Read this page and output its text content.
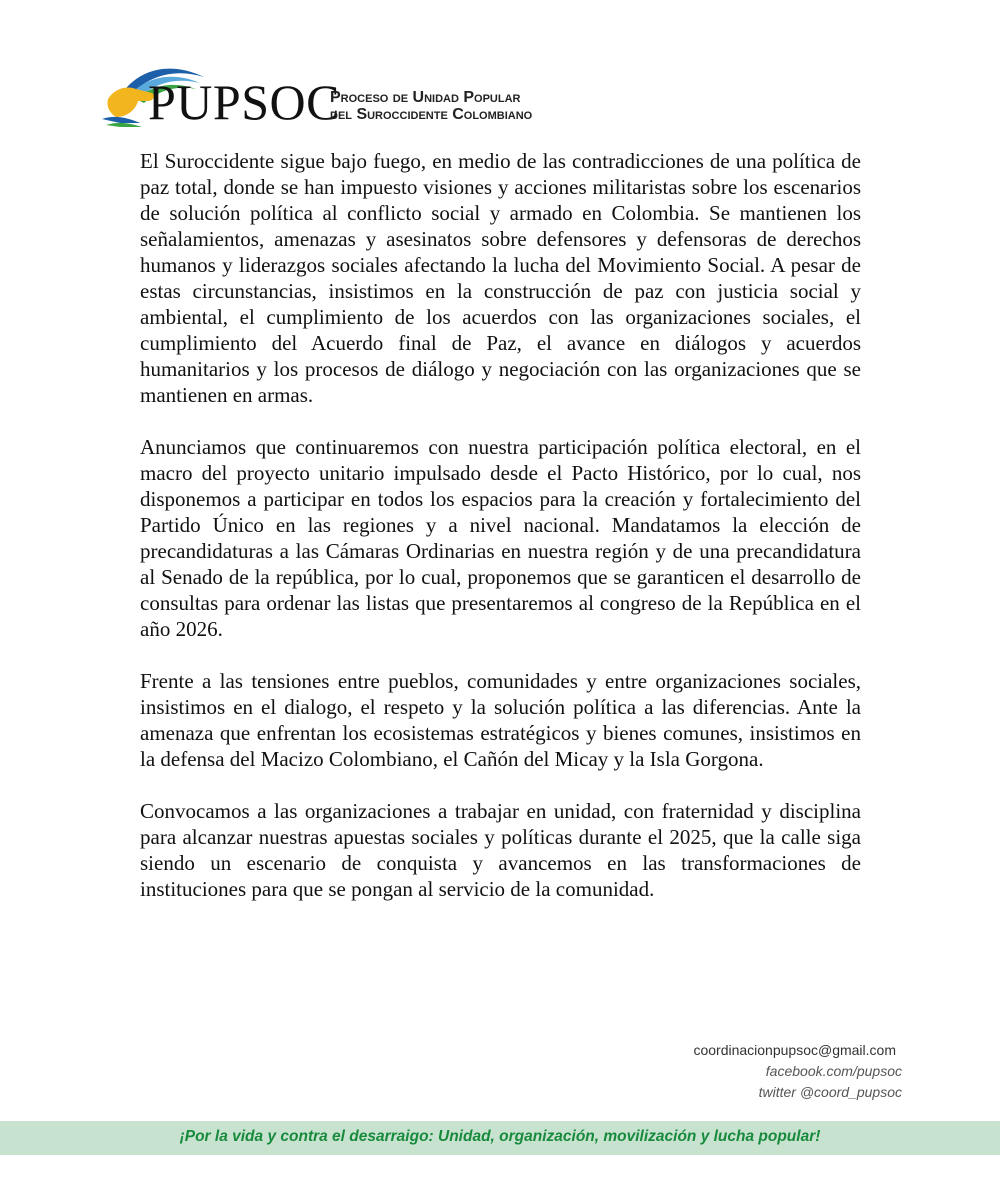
PUPSOC
Proceso de Unidad Popular
del Suroccidente Colombiano

El Suroccidente sigue bajo fuego, en medio de las contradicciones de una política de paz total, donde se han impuesto visiones y acciones militaristas sobre los escenarios de solución política al conflicto social y armado en Colombia. Se mantienen los señalamientos, amenazas y asesinatos sobre defensores y defensoras de derechos humanos y liderazgos sociales afectando la lucha del Movimiento Social. A pesar de estas circunstancias, insistimos en la construcción de paz con justicia social y ambiental, el cumplimiento de los acuerdos con las organizaciones sociales, el cumplimiento del Acuerdo final de Paz, el avance en diálogos y acuerdos humanitarios y los procesos de diálogo y negociación con las organizaciones que se mantienen en armas.

Anunciamos que continuaremos con nuestra participación política electoral, en el macro del proyecto unitario impulsado desde el Pacto Histórico, por lo cual, nos disponemos a participar en todos los espacios para la creación y fortalecimiento del Partido Único en las regiones y a nivel nacional. Mandatamos la elección de precandidaturas a las Cámaras Ordinarias en nuestra región y de una precandidatura al Senado de la república, por lo cual, proponemos que se garanticen el desarrollo de consultas para ordenar las listas que presentaremos al congreso de la República en el año 2026.

Frente a las tensiones entre pueblos, comunidades y entre organizaciones sociales, insistimos en el dialogo, el respeto y la solución política a las diferencias. Ante la amenaza que enfrentan los ecosistemas estratégicos y bienes comunes, insistimos en la defensa del Macizo Colombiano, el Cañón del Micay y la Isla Gorgona.

Convocamos a las organizaciones a trabajar en unidad, con fraternidad y disciplina para alcanzar nuestras apuestas sociales y políticas durante el 2025, que la calle siga siendo un escenario de conquista y avancemos en las transformaciones de instituciones para que se pongan al servicio de la comunidad.

coordinacionpupsoc@gmail.com
facebook.com/pupsoc
twitter @coord_pupsoc
¡Por la vida y contra el desarraigo: Unidad, organización, movilización y lucha popular!
